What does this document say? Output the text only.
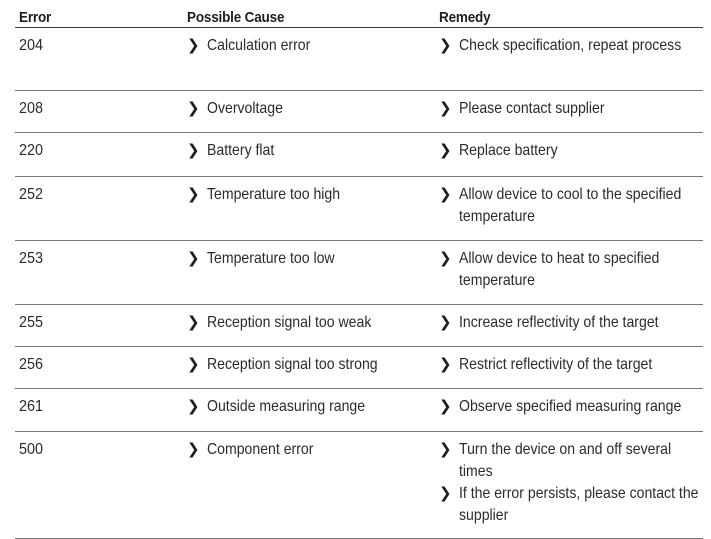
Error	Possible Cause	Remedy
204	❯ Calculation error	❯ Check specification, repeat process
208	❯ Overvoltage	❯ Please contact supplier
220	❯ Battery flat	❯ Replace battery
252	❯ Temperature too high	❯ Allow device to cool to the specified temperature
253	❯ Temperature too low	❯ Allow device to heat to specified temperature
255	❯ Reception signal too weak	❯ Increase reflectivity of the target
256	❯ Reception signal too strong	❯ Restrict reflectivity of the target
261	❯ Outside measuring range	❯ Observe specified measuring range
500	❯ Component error	❯ Turn the device on and off several times
❯ If the error persists, please contact the supplier
